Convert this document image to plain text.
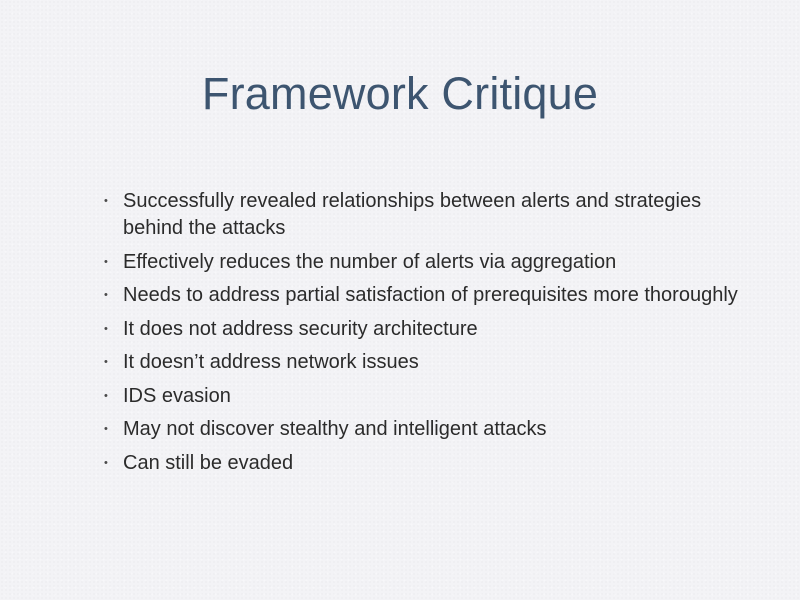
Framework Critique
• Successfully revealed relationships between alerts and strategies behind the attacks
• Effectively reduces the number of alerts via aggregation
• Needs to address partial satisfaction of prerequisites more thoroughly
• It does not address security architecture
• It doesn’t address network issues
• IDS evasion
• May not discover stealthy and intelligent attacks
• Can still be evaded
